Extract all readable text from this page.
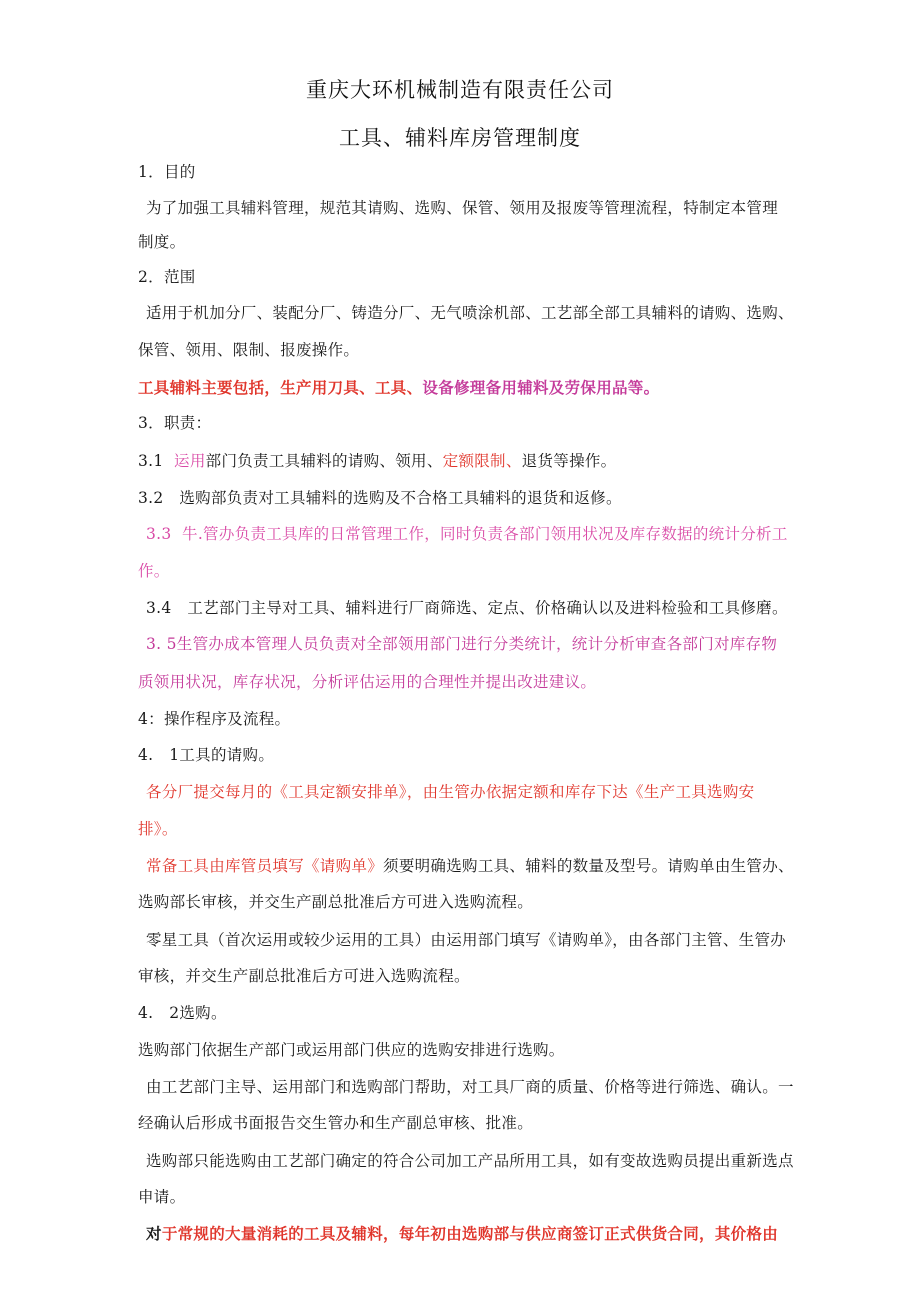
重庆大环机械制造有限责任公司
工具、辅料库房管理制度
1．目的
为了加强工具辅料管理，规范其请购、选购、保管、领用及报废等管理流程，特制定本管理
制度。
2．范围
适用于机加分厂、装配分厂、铸造分厂、无气喷涂机部、工艺部全部工具辅料的请购、选购、
保管、领用、限制、报废操作。
工具辅料主要包括，生产用刀具、工具、设备修理备用辅料及劳保用品等。
3．职责：
3.1 运用部门负责工具辅料的请购、领用、定额限制、退货等操作。
3.2　选购部负责对工具辅料的选购及不合格工具辅料的退货和返修。
3.3 牛.管办负责工具库的日常管理工作，同时负责各部门领用状况及库存数据的统计分析工
作。
3.4　工艺部门主导对工具、辅料进行厂商筛选、定点、价格确认以及进料检验和工具修磨。
3. 5生管办成本管理人员负责对全部领用部门进行分类统计，统计分析审查各部门对库存物
质领用状况，库存状况，分析评估运用的合理性并提出改进建议。
4：操作程序及流程。
4.　1工具的请购。
各分厂提交每月的《工具定额安排单》，由生管办依据定额和库存下达《生产工具选购安
排》。
常备工具由库管员填写《请购单》须要明确选购工具、辅料的数量及型号。请购单由生管办、
选购部长审核，并交生产副总批准后方可进入选购流程。
零星工具（首次运用或较少运用的工具）由运用部门填写《请购单》，由各部门主管、生管办
审核，并交生产副总批准后方可进入选购流程。
4.　2选购。
选购部门依据生产部门或运用部门供应的选购安排进行选购。
由工艺部门主导、运用部门和选购部门帮助，对工具厂商的质量、价格等进行筛选、确认。一
经确认后形成书面报告交生管办和生产副总审核、批准。
选购部只能选购由工艺部门确定的符合公司加工产品所用工具，如有变故选购员提出重新选点
申请。
对于常规的大量消耗的工具及辅料，每年初由选购部与供应商签订正式供货合同，其价格由
